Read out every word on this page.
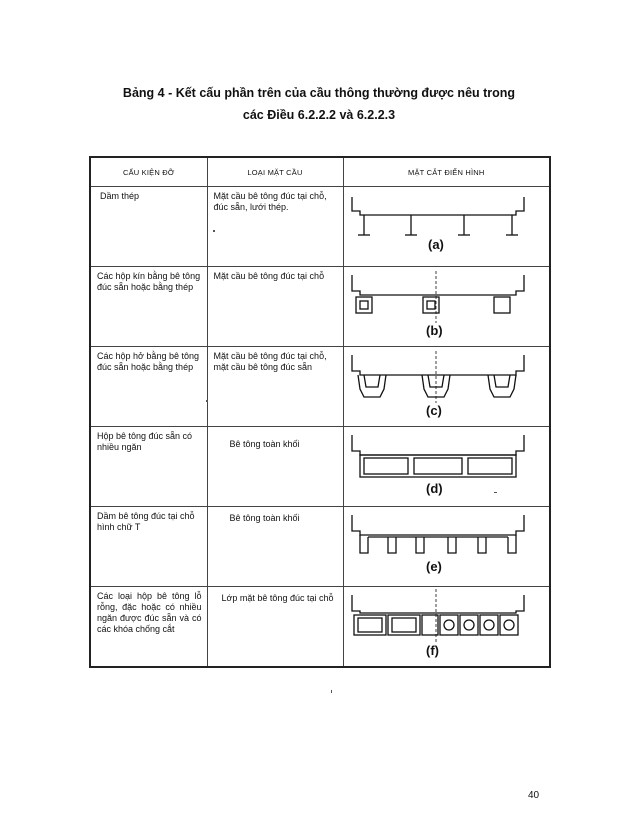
Bảng 4 - Kết cấu phần trên của cầu thông thường được nêu trong
các Điều 6.2.2.2 và 6.2.2.3
CẤU KIỆN ĐỠ	LOẠI MẶT CẦU	MẶT CẮT ĐIỂN HÌNH

Dầm thép	Mặt cầu bê tông đúc tại chỗ, đúc sẵn, lưới thép.	(a)

Các hộp kín bằng bê tông đúc sẵn hoặc bằng thép	Mặt cầu bê tông đúc tại chỗ	(b)

Các hộp hở bằng bê tông đúc sẵn hoặc bằng thép	Mặt cầu bê tông đúc tại chỗ, mặt cầu bê tông đúc sẵn	(c)

Hộp bê tông đúc sẵn có nhiều ngăn	Bê tông toàn khối	(d)

Dầm bê tông đúc tại chỗ hình chữ T	Bê tông toàn khối	(e)

Các loại hộp bê tông lỗ rỗng, đặc hoặc có nhiều ngăn được đúc sẵn và có các khóa chống cắt	Lớp mặt bê tông đúc tại chỗ	(f)
40
